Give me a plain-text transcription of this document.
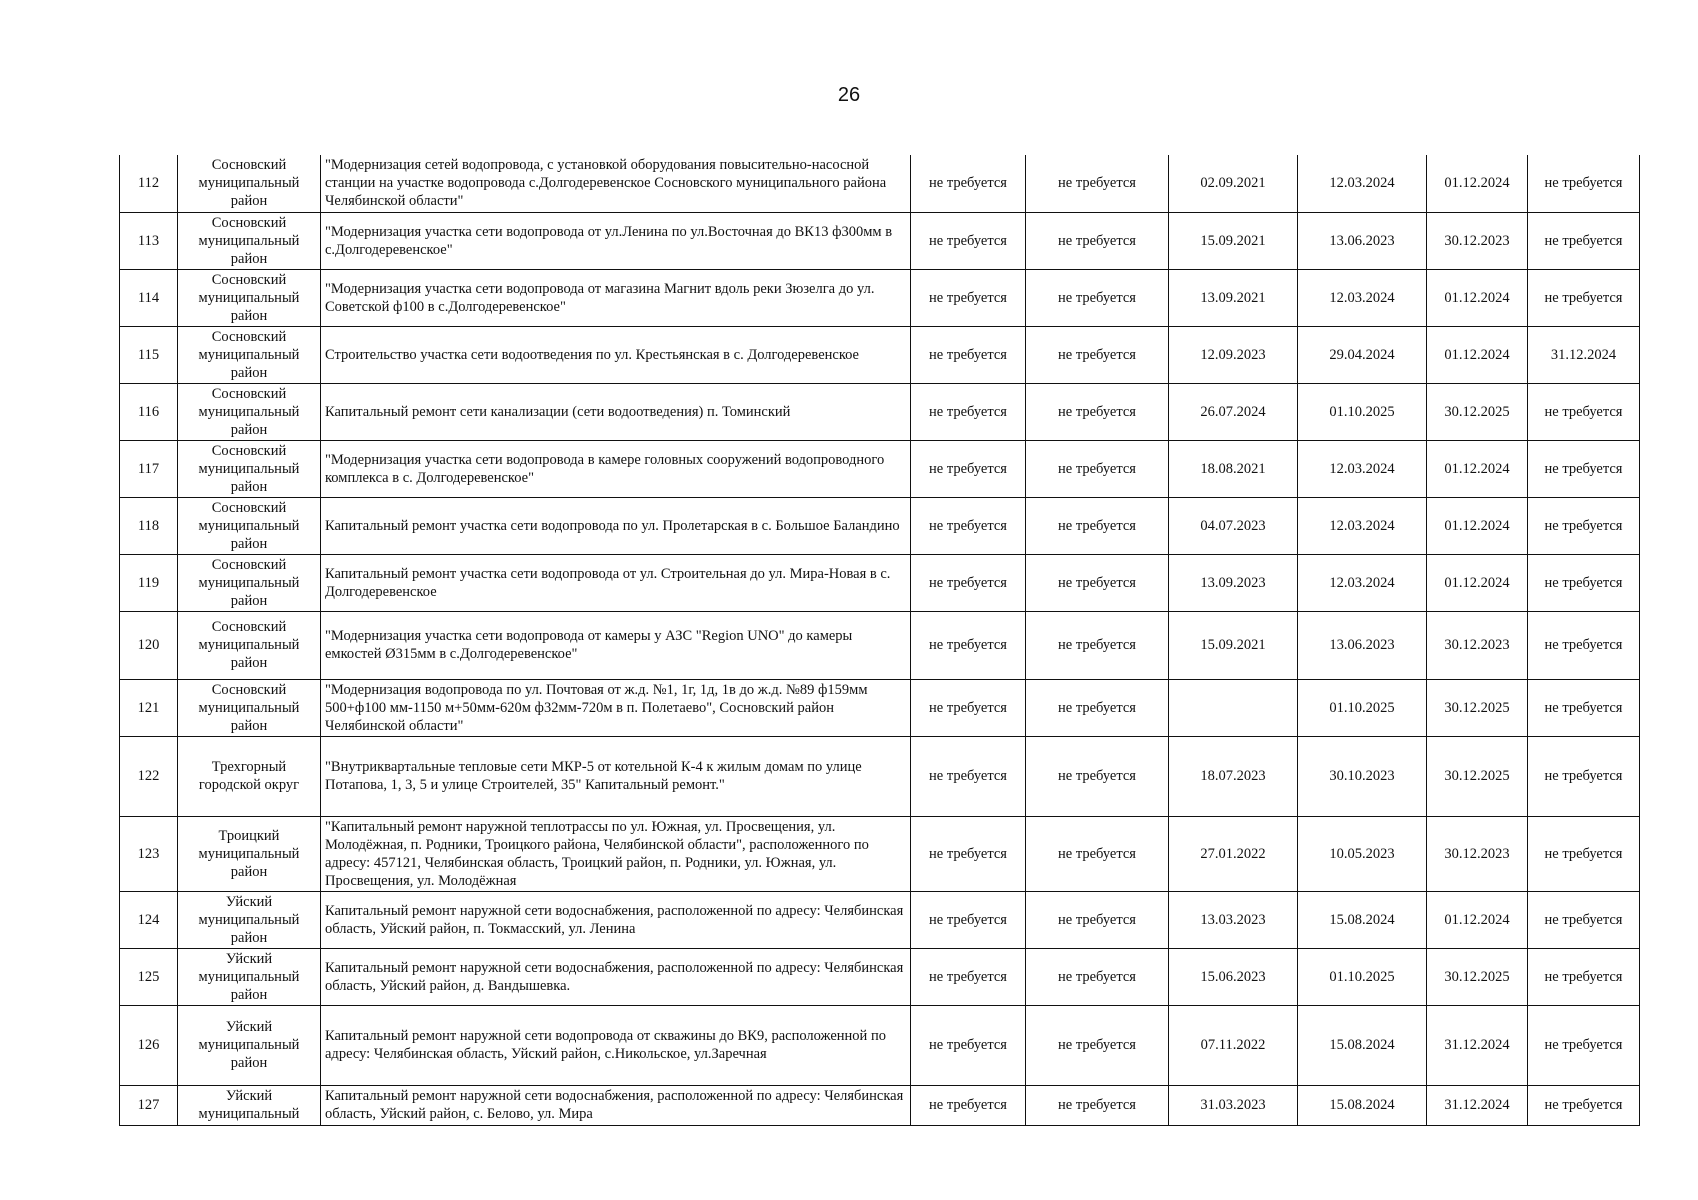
26
112	Сосновский муниципальный район	"Модернизация сетей водопровода, с установкой оборудования повысительно-насосной станции на участке водопровода с.Долгодеревенское Сосновского муниципального района Челябинской области"	не требуется	не требуется	02.09.2021	12.03.2024	01.12.2024	не требуется
113	Сосновский муниципальный район	"Модернизация участка сети водопровода от ул.Ленина по ул.Восточная до ВК13 ф300мм в с.Долгодеревенское"	не требуется	не требуется	15.09.2021	13.06.2023	30.12.2023	не требуется
114	Сосновский муниципальный район	"Модернизация участка сети водопровода от магазина Магнит вдоль реки Зюзелга до ул. Советской ф100 в с.Долгодеревенское"	не требуется	не требуется	13.09.2021	12.03.2024	01.12.2024	не требуется
115	Сосновский муниципальный район	Строительство участка сети водоотведения по ул. Крестьянская в с. Долгодеревенское	не требуется	не требуется	12.09.2023	29.04.2024	01.12.2024	31.12.2024
116	Сосновский муниципальный район	Капитальный ремонт сети канализации (сети водоотведения) п. Томинский	не требуется	не требуется	26.07.2024	01.10.2025	30.12.2025	не требуется
117	Сосновский муниципальный район	"Модернизация участка сети водопровода в камере головных сооружений водопроводного комплекса в с. Долгодеревенское"	не требуется	не требуется	18.08.2021	12.03.2024	01.12.2024	не требуется
118	Сосновский муниципальный район	Капитальный ремонт участка сети водопровода по ул. Пролетарская в с. Большое Баландино	не требуется	не требуется	04.07.2023	12.03.2024	01.12.2024	не требуется
119	Сосновский муниципальный район	Капитальный ремонт участка сети водопровода от ул. Строительная до ул. Мира-Новая в с. Долгодеревенское	не требуется	не требуется	13.09.2023	12.03.2024	01.12.2024	не требуется
120	Сосновский муниципальный район	"Модернизация участка сети водопровода от камеры у АЗС "Region UNO" до камеры емкостей Ø315мм в с.Долгодеревенское"	не требуется	не требуется	15.09.2021	13.06.2023	30.12.2023	не требуется
121	Сосновский муниципальный район	"Модернизация водопровода по ул. Почтовая от ж.д. №1, 1г, 1д, 1в до ж.д. №89 ф159мм 500+ф100 мм-1150 м+50мм-620м ф32мм-720м в п. Полетаево", Сосновский район Челябинской области"	не требуется	не требуется		01.10.2025	30.12.2025	не требуется
122	Трехгорный городской округ	"Внутриквартальные тепловые сети МКР-5 от котельной К-4 к жилым домам по улице Потапова, 1, 3, 5 и улице Строителей, 35" Капитальный ремонт."	не требуется	не требуется	18.07.2023	30.10.2023	30.12.2025	не требуется
123	Троицкий муниципальный район	"Капитальный ремонт наружной теплотрассы по ул. Южная, ул. Просвещения, ул. Молодёжная, п. Родники, Троицкого района, Челябинской области", расположенного по адресу: 457121, Челябинская область, Троицкий район, п. Родники, ул. Южная, ул. Просвещения, ул. Молодёжная	не требуется	не требуется	27.01.2022	10.05.2023	30.12.2023	не требуется
124	Уйский муниципальный район	Капитальный ремонт наружной сети водоснабжения, расположенной по адресу: Челябинская область, Уйский район, п. Токмасский, ул. Ленина	не требуется	не требуется	13.03.2023	15.08.2024	01.12.2024	не требуется
125	Уйский муниципальный район	Капитальный ремонт наружной сети водоснабжения, расположенной по адресу: Челябинская область, Уйский район, д. Вандышевка.	не требуется	не требуется	15.06.2023	01.10.2025	30.12.2025	не требуется
126	Уйский муниципальный район	Капитальный ремонт наружной сети водопровода от скважины до ВК9, расположенной по адресу: Челябинская область, Уйский район, с.Никольское, ул.Заречная	не требуется	не требуется	07.11.2022	15.08.2024	31.12.2024	не требуется
127	Уйский муниципальный	Капитальный ремонт наружной сети водоснабжения, расположенной по адресу: Челябинская область, Уйский район, с. Белово, ул. Мира	не требуется	не требуется	31.03.2023	15.08.2024	31.12.2024	не требуется
